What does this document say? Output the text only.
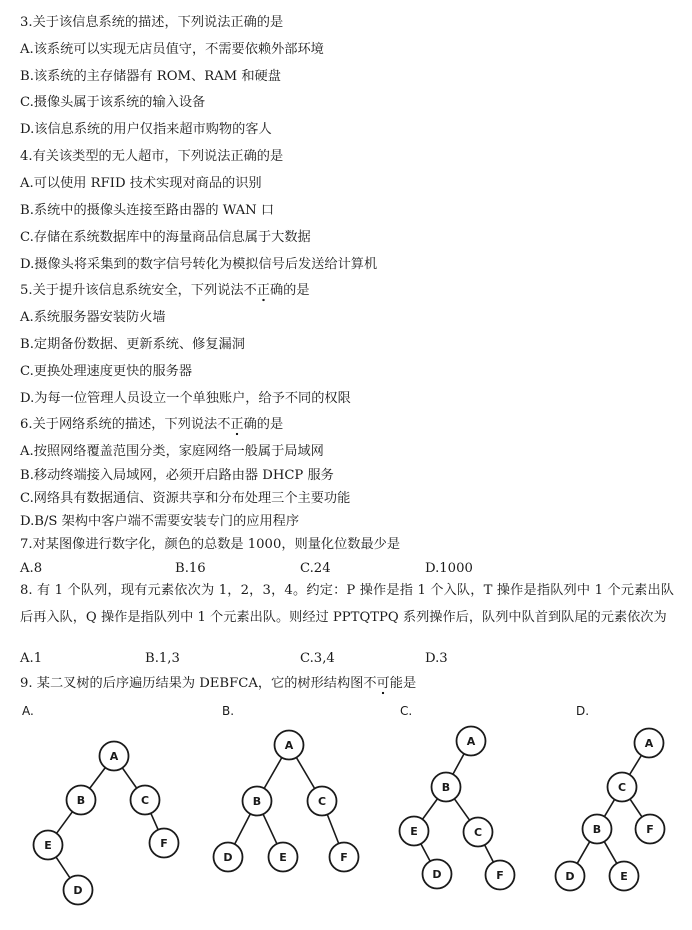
3.关于该信息系统的描述，下列说法正确的是
A.该系统可以实现无店员值守，不需要依赖外部环境
B.该系统的主存储器有 ROM、RAM 和硬盘
C.摄像头属于该系统的输入设备
D.该信息系统的用户仅指来超市购物的客人
4.有关该类型的无人超市，下列说法正确的是
A.可以使用 RFID 技术实现对商品的识别
B.系统中的摄像头连接至路由器的 WAN 口
C.存储在系统数据库中的海量商品信息属于大数据
D.摄像头将采集到的数字信号转化为模拟信号后发送给计算机
5.关于提升该信息系统安全，下列说法不正确的是
A.系统服务器安装防火墙
B.定期备份数据、更新系统、修复漏洞
C.更换处理速度更快的服务器
D.为每一位管理人员设立一个单独账户，给予不同的权限
6.关于网络系统的描述，下列说法不正确的是
A.按照网络覆盖范围分类，家庭网络一般属于局域网
B.移动终端接入局域网，必须开启路由器 DHCP 服务
C.网络具有数据通信、资源共享和分布处理三个主要功能
D.B/S 架构中客户端不需要安装专门的应用程序
7.对某图像进行数字化，颜色的总数是 1000，则量化位数最少是
A.8	B.16	C.24	D.1000
8. 有 1 个队列，现有元素依次为 1，2，3，4。约定：P 操作是指 1 个入队，T 操作是指队列中 1 个元素出队后再入队，Q 操作是指队列中 1 个元素出队。则经过 PPTQTPQ 系列操作后，队列中队首到队尾的元素依次为
A.1	B.1,3	C.3,4	D.3
9. 某二叉树的后序遍历结果为 DEBFCA，它的树形结构图不可能是
A.	B.	C.	D.
A
B	C
E	F
D
A
B	C
D	E	F
A
B
E	C
D	F
A
C
B	F
D	E
